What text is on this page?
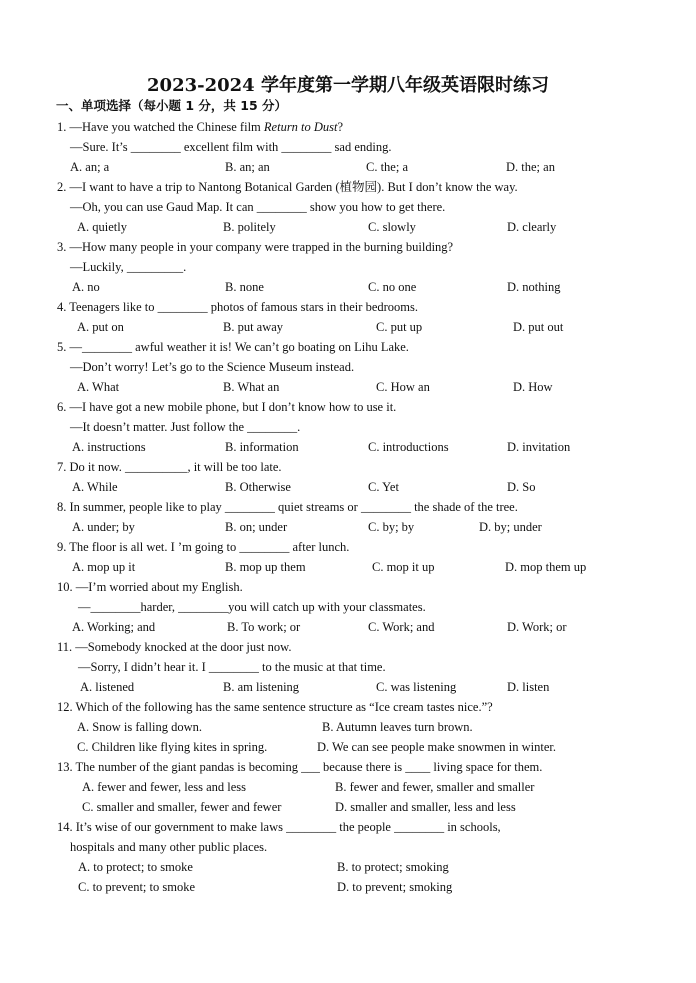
2023-2024 学年度第一学期八年级英语限时练习
一、单项选择（每小题 1 分，共 15 分）
1. —Have you watched the Chinese film Return to Dust?
—Sure. It’s ________ excellent film with ________ sad ending.
A. an; a	B. an; an	C. the; a	D. the; an
2. —I want to have a trip to Nantong Botanical Garden (植物园). But I don’t know the way.
—Oh, you can use Gaud Map. It can ________ show you how to get there.
A. quietly	B. politely	C. slowly	D. clearly
3. —How many people in your company were trapped in the burning building?
—Luckily, _________.
A. no	B. none	C. no one	D. nothing
4. Teenagers like to ________ photos of famous stars in their bedrooms.
A. put on	B. put away	C. put up	D. put out
5. —________ awful weather it is! We can’t go boating on Lihu Lake.
—Don’t worry! Let’s go to the Science Museum instead.
A. What	B. What an	C. How an	D. How
6. —I have got a new mobile phone, but I don’t know how to use it.
—It doesn’t matter. Just follow the ________.
A. instructions	B. information	C. introductions	D. invitation
7. Do it now. __________, it will be too late.
A. While	B. Otherwise	C. Yet	D. So
8. In summer, people like to play ________ quiet streams or ________ the shade of the tree.
A. under; by	B. on; under	C. by; by	D. by; under
9. The floor is all wet. I ’m going to ________ after lunch.
A. mop up it	B. mop up them	C. mop it up	D. mop them up
10. —I’m worried about my English.
—________harder, ________you will catch up with your classmates.
A. Working; and	B. To work; or	C. Work; and	D. Work; or
11. —Somebody knocked at the door just now.
—Sorry, I didn’t hear it. I ________ to the music at that time.
A. listened	B. am listening	C. was listening	D. listen
12. Which of the following has the same sentence structure as “Ice cream tastes nice.”?
A. Snow is falling down.	B. Autumn leaves turn brown.
C. Children like flying kites in spring.	D. We can see people make snowmen in winter.
13. The number of the giant pandas is becoming ___ because there is ____ living space for them.
A. fewer and fewer, less and less	B. fewer and fewer, smaller and smaller
C. smaller and smaller, fewer and fewer	D. smaller and smaller, less and less
14. It’s wise of our government to make laws ________ the people ________ in schools,
hospitals and many other public places.
A. to protect; to smoke	B. to protect; smoking
C. to prevent; to smoke	D. to prevent; smoking
